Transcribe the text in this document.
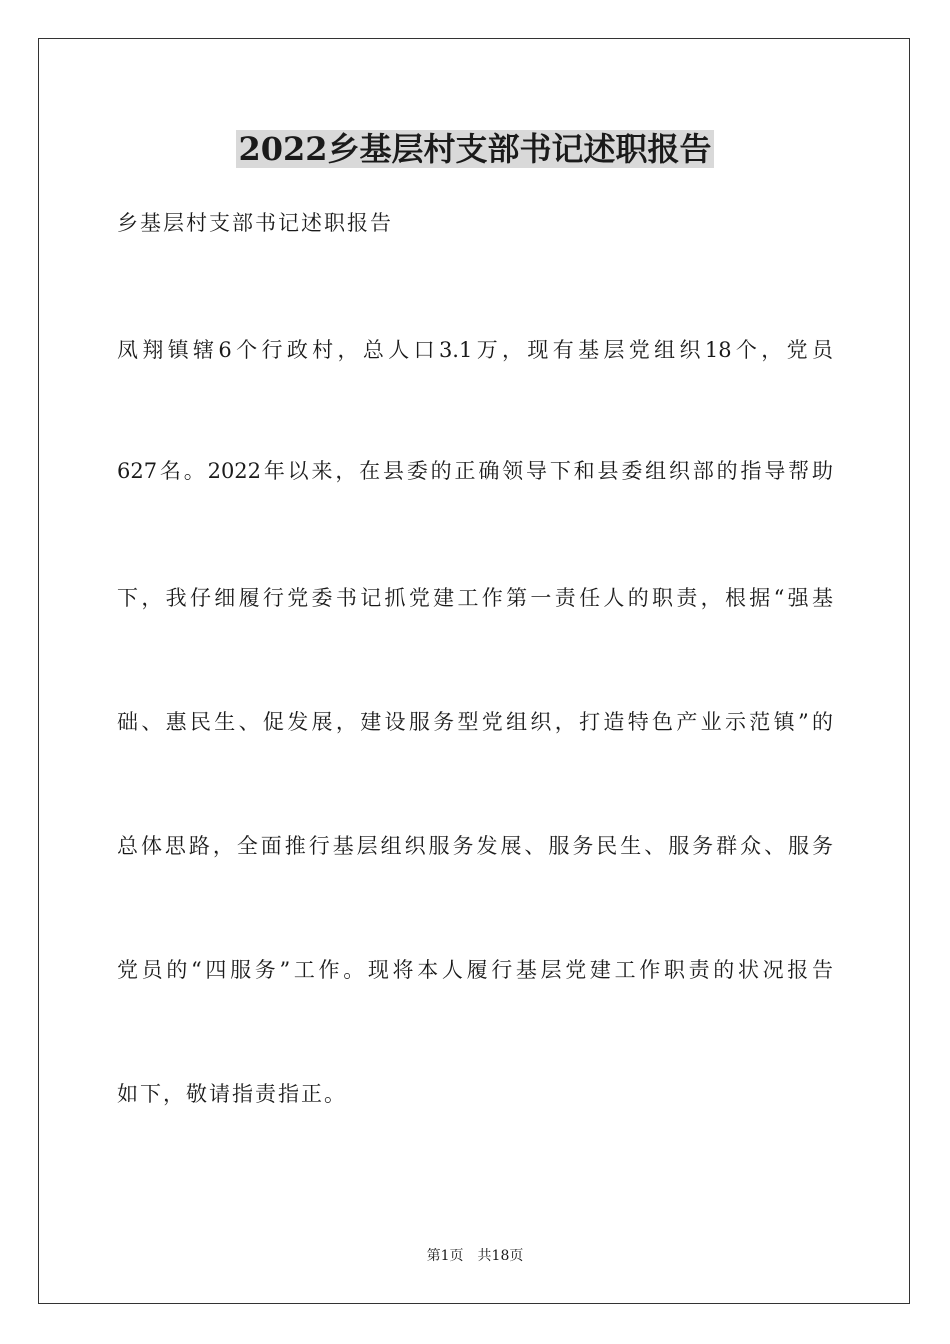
2022乡基层村支部书记述职报告

乡基层村支部书记述职报告

凤翔镇辖6个行政村，总人口3.1万，现有基层党组织18个，党员

627名。2022年以来，在县委的正确领导下和县委组织部的指导帮助

下，我仔细履行党委书记抓党建工作第一责任人的职责，根据“强基

础、惠民生、促发展，建设服务型党组织，打造特色产业示范镇”的

总体思路，全面推行基层组织服务发展、服务民生、服务群众、服务

党员的“四服务”工作。现将本人履行基层党建工作职责的状况报告

如下，敬请指责指正。

第1页 共18页
